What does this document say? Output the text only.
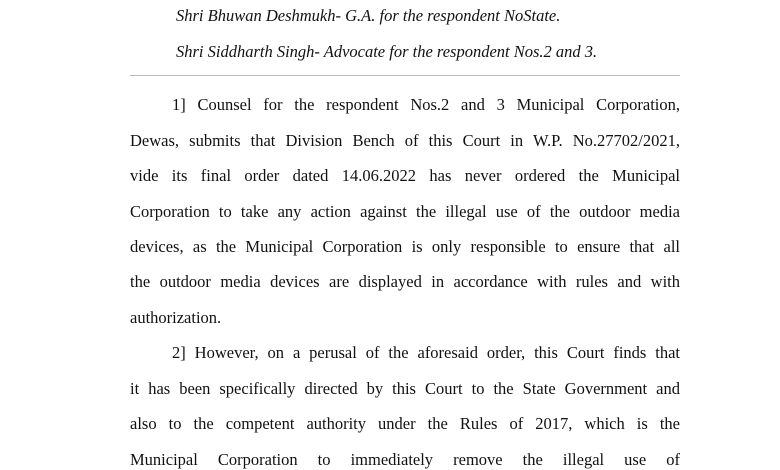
Shri Bhuwan Deshmukh- G.A. for the respondent NoState.
Shri Siddharth Singh- Advocate for the respondent Nos.2 and 3.
1] Counsel for the respondent Nos.2 and 3 Municipal Corporation,
Dewas, submits that Division Bench of this Court in W.P. No.27702/2021,
vide its final order dated 14.06.2022 has never ordered the Municipal
Corporation to take any action against the illegal use of the outdoor media
devices, as the Municipal Corporation is only responsible to ensure that all
the outdoor media devices are displayed in accordance with rules and with
authorization.
2] However, on a perusal of the aforesaid order, this Court finds that
it has been specifically directed by this Court to the State Government and
also to the competent authority under the Rules of 2017, which is the
Municipal Corporation to immediately remove the illegal use of
